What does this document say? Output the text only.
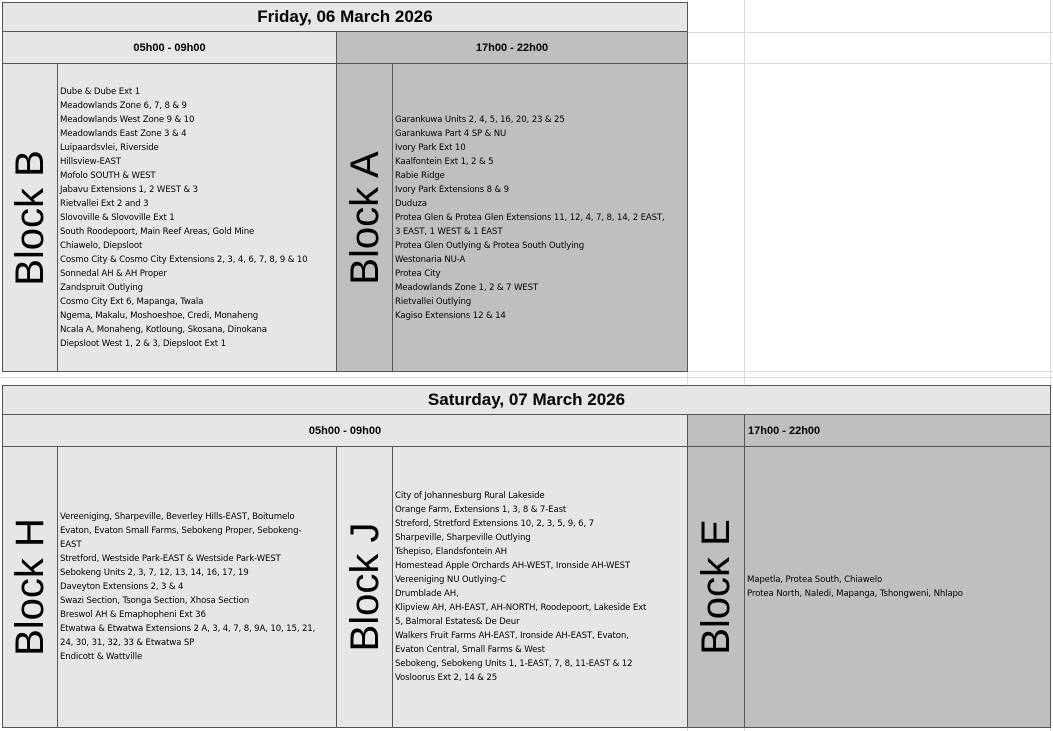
Friday, 06 March 2026
05h00 - 09h00	17h00 - 22h00
Block B
Dube & Dube Ext 1
Meadowlands Zone 6, 7, 8 & 9
Meadowlands West Zone 9 & 10
Meadowlands East Zone 3 & 4
Luipaardsvlei, Riverside
Hillsview-EAST
Mofolo SOUTH & WEST
Jabavu Extensions 1, 2 WEST & 3
Rietvallei Ext 2 and 3
Slovoville & Slovoville Ext 1
South Roodepoort, Main Reef Areas, Gold Mine
Chiawelo, Diepsloot
Cosmo City & Cosmo City Extensions 2, 3, 4, 6, 7, 8, 9 & 10
Sonnedal AH & AH Proper
Zandspruit Outlying
Cosmo City Ext 6, Mapanga, Twala
Ngema, Makalu, Moshoeshoe, Credi, Monaheng
Ncala A, Monaheng, Kotloung, Skosana, Dinokana
Diepsloot West 1, 2 & 3, Diepsloot Ext 1
Block A
Garankuwa Units 2, 4, 5, 16, 20, 23 & 25
Garankuwa Part 4 SP & NU
Ivory Park Ext 10
Kaalfontein Ext 1, 2 & 5
Rabie Ridge
Ivory Park Extensions 8 & 9
Duduza
Protea Glen & Protea Glen Extensions 11, 12, 4, 7, 8, 14, 2 EAST,
3 EAST, 1 WEST & 1 EAST
Protea Glen Outlying & Protea South Outlying
Westonaria NU-A
Protea City
Meadowlands Zone 1, 2 & 7 WEST
Rietvallei Outlying
Kagiso Extensions 12 & 14
Saturday, 07 March 2026
05h00 - 09h00	17h00 - 22h00
Block H
Vereeniging, Sharpeville, Beverley Hills-EAST, Boitumelo
Evaton, Evaton Small Farms, Sebokeng Proper, Sebokeng-
EAST
Stretford, Westside Park-EAST & Westside Park-WEST
Sebokeng Units 2, 3, 7, 12, 13, 14, 16, 17, 19
Daveyton Extensions 2, 3 & 4
Swazi Section, Tsonga Section, Xhosa Section
Breswol AH & Emaphopheni Ext 36
Etwatwa & Etwatwa Extensions 2 A, 3, 4, 7, 8, 9A, 10, 15, 21,
24, 30, 31, 32, 33 & Etwatwa SP
Endicott & Wattville
Block J
City of Johannesburg Rural Lakeside
Orange Farm, Extensions 1, 3, 8 & 7-East
Streford, Stretford Extensions 10, 2, 3, 5, 9, 6, 7
Sharpeville, Sharpeville Outlying
Tshepiso, Elandsfontein AH
Homestead Apple Orchards AH-WEST, Ironside AH-WEST
Vereeniging NU Outlying-C
Drumblade AH,
Klipview AH, AH-EAST, AH-NORTH, Roodepoort, Lakeside Ext
5, Balmoral Estates& De Deur
Walkers Fruit Farms AH-EAST, Ironside AH-EAST, Evaton,
Evaton Central, Small Farms & West
Sebokeng, Sebokeng Units 1, 1-EAST, 7, 8, 11-EAST & 12
Vosloorus Ext 2, 14 & 25
Block E Mapetla, Protea South, Chiawelo
Protea North, Naledi, Mapanga, Tshongweni, Nhlapo
